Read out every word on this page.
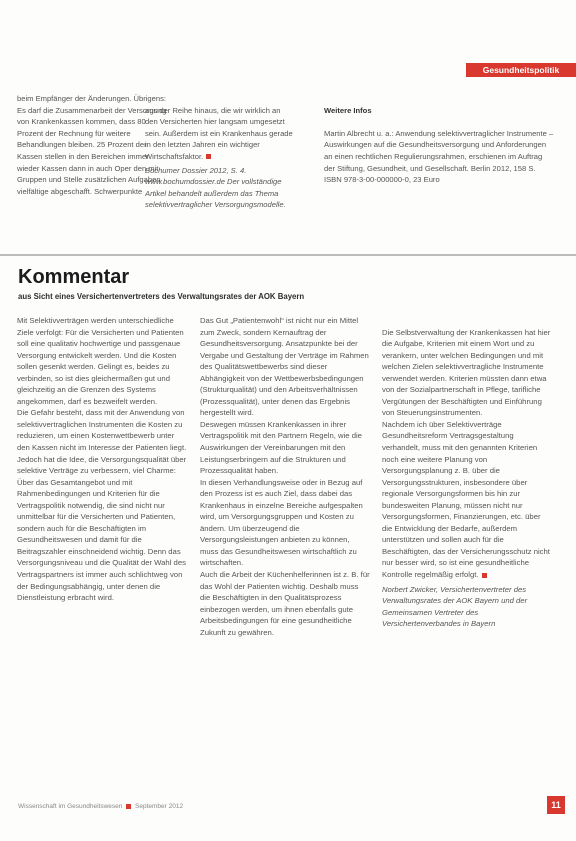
Gesundheitspolitik
beim Empfänger der Änderungen. Übrigens: Es darf die Zusammenarbeit der Versorgung von Krankenkassen kommen, dass 80 Prozent der Rechnung für weitere Behandlungen bleiben. 25 Prozent der Kassen stellen in den Bereichen immer wieder Kassen dann in auch Oper den mit Gruppen und Stelle zusätzlichen Aufgaben vielfältige abgeschafft. Schwerpunkte

aus der Reihe hinaus, die wir wirklich an den Versicherten hier langsam umgesetzt sein. Außerdem ist ein Krankenhaus gerade in den letzten Jahren ein wichtiger Wirtschaftsfaktor.

Bochumer Dossier 2012, S. 4. www.bochumdossier.de Der vollständige Artikel behandelt außerdem das Thema selektivvertraglicher Versorgungsmodelle.

Weitere Infos

Martin Albrecht u. a.: Anwendung selektivvertraglicher Instrumente – Auswirkungen auf die Gesundheitsversorgung und Anforderungen an einen rechtlichen Regulierungsrahmen, erschienen im Auftrag der Stiftung, Gesundheit, und Gesellschaft. Berlin 2012, 158 S. ISBN 978-3-00-000000-0, 23 Euro

Kommentar
aus Sicht eines Versichertenvertreters des Verwaltungsrates der AOK Bayern
Mit Selektivverträgen werden unterschiedliche Ziele verfolgt: Für die Versicherten und Patienten soll eine qualitativ hochwertige und passgenaue Versorgung entwickelt werden. Und die Kosten sollen gesenkt werden. Gelingt es, beides zu verbinden, so ist dies gleichermaßen gut und gleichzeitig an die Grenzen des Systems angekommen, darf es bezweifelt werden.
Die Gefahr besteht, dass mit der Anwendung von selektivvertraglichen Instrumenten die Kosten zu reduzieren, um einen Kostenwettbewerb unter den Kassen nicht im Interesse der Patienten liegt.
Jedoch hat die Idee, die Versorgungsqualität über selektive Verträge zu verbessern, viel Charme: Über das Gesamtangebot und mit Rahmenbedingungen und Kriterien für die Vertragspolitik notwendig, die sind nicht nur unmittelbar für die Versicherten und Patienten, sondern auch für die Beschäftigten im Gesundheitswesen und damit für die Beitragszahler einschneidend wichtig. Denn das Versorgungsniveau und die Qualität der Wahl des Vertragspartners ist immer auch schlichtweg von der Bedingungsabhängig, unter denen die Dienstleistung erbracht wird.
Das Gut „Patientenwohl“ ist nicht nur ein Mittel zum Zweck, sondern Kernauftrag der Gesundheitsversorgung. Ansatzpunkte bei der Vergabe und Gestaltung der Verträge im Rahmen des Qualitätswettbewerbs sind dieser Abhängigkeit von der Wettbewerbsbedingungen (Strukturqualität) und den Arbeitsverhältnissen (Prozessqualität), unter denen das Ergebnis hergestellt wird.
Deswegen müssen Krankenkassen in ihrer Vertragspolitik mit den Partnern Regeln, wie die Auswirkungen der Vereinbarungen mit den Leistungserbringern auf die Strukturen und Prozessqualität haben.
In diesen Verhandlungsweise oder in Bezug auf den Prozess ist es auch Ziel, dass dabei das Krankenhaus in einzelne Bereiche aufgespalten wird, um Versorgungsgruppen und Kosten zu ändern. Um überzeugend die Versorgungsleistungen anbieten zu können, muss das Gesundheitswesen wirtschaftlich zu wirtschaften.
Auch die Arbeit der Küchenhelferinnen ist z. B. für das Wohl der Patienten wichtig. Deshalb muss die Beschäftigten in den Qualitätsprozess einbezogen werden, um ihnen ebenfalls gute Arbeitsbedingungen für eine gesundheitliche Zukunft zu gewähren.

Die Selbstverwaltung der Krankenkassen hat hier die Aufgabe, Kriterien mit einem Wort und zu verankern, unter welchen Bedingungen und mit welchen Zielen selektivvertragliche Instrumente verwendet werden. Kriterien müssten dann etwa von der Sozialpartnerschaft in Pflege, tarifliche Vergütungen der Beschäftigten und Einführung von Steuerungsinstrumenten.
Nachdem ich über Selektivverträge Gesundheitsreform Vertragsgestaltung verhandelt, muss mit den genannten Kriterien noch eine weitere Planung von Versorgungsplanung z. B. über die Versorgungsstrukturen, insbesondere über regionale Versorgungsformen bis hin zur bundesweiten Planung, müssen nicht nur Versorgungsformen, Finanzierungen, etc. über die Entwicklung der Bedarfe, außerdem unterstützen und sollen auch für die Beschäftigten, das der Versicherungsschutz nicht nur besser wird, so ist eine gesundheitliche Kontrolle regelmäßig erfolgt.

Norbert Zwicker, Versichertenvertreter des Verwaltungsrates der AOK Bayern und der Gemeinsamen Vertreter des Versichertenverbandes in Bayern

Wissenschaft im Gesundheitswesen September 2012	11
